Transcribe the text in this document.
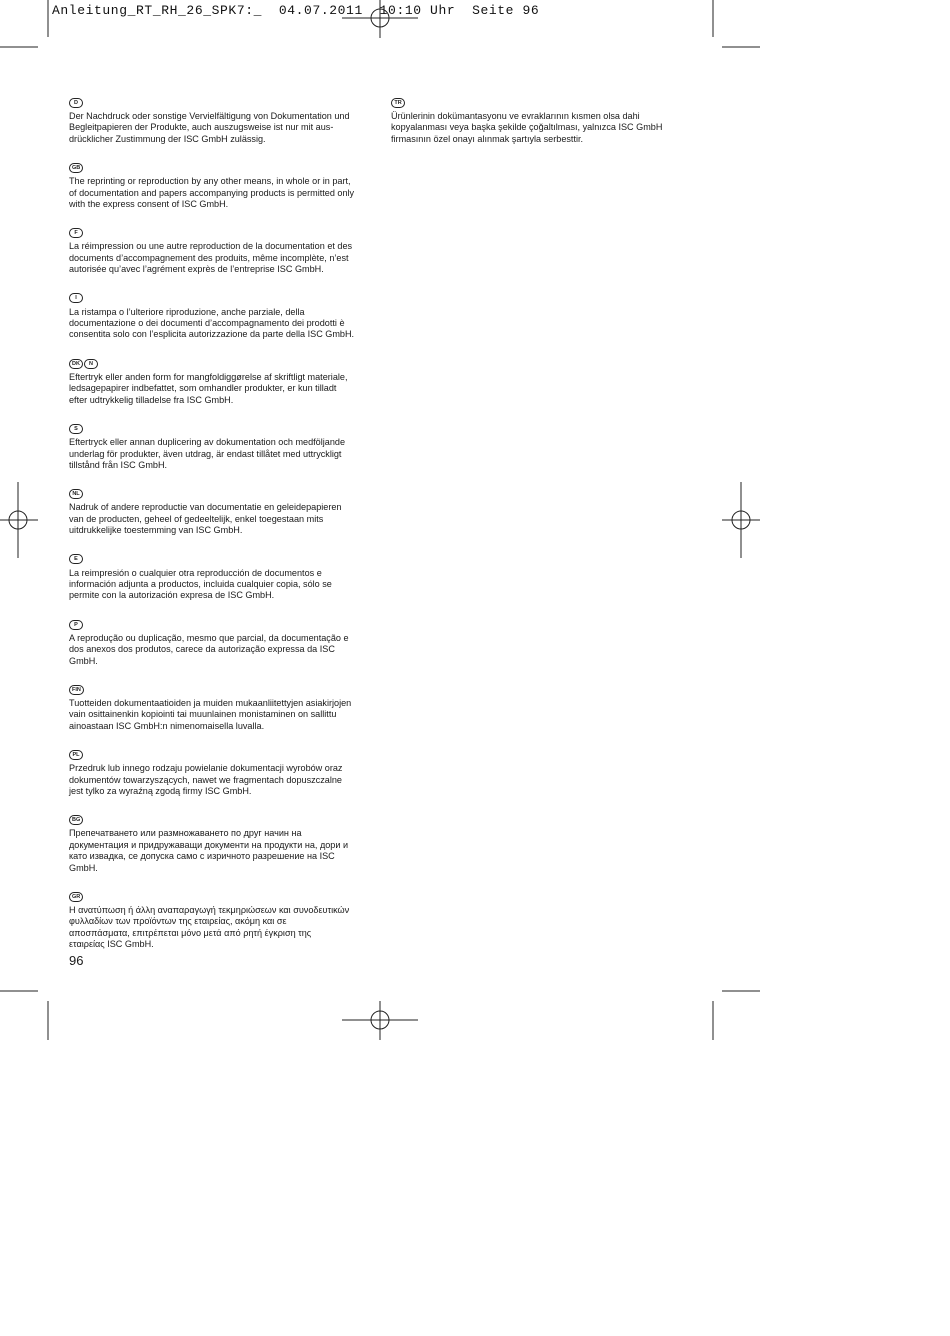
Anleitung_RT_RH_26_SPK7:_  04.07.2011  10:10 Uhr  Seite 96
D

Der Nachdruck oder sonstige Vervielfältigung von Dokumentation und
Begleitpapieren der Produkte, auch auszugsweise ist nur mit aus-
drücklicher Zustimmung der ISC GmbH zulässig.

GB

The reprinting or reproduction by any other means, in whole or in part,
of documentation and papers accompanying products is permitted only
with the express consent of ISC GmbH.

F

La réimpression ou une autre reproduction de la documentation et des
documents d’accompagnement des produits, même incomplète, n’est
autorisée qu’avec l’agrément exprès de l’entreprise ISC GmbH.

I

La ristampa o l’ulteriore riproduzione, anche parziale, della
documentazione o dei documenti d’accompagnamento dei prodotti è
consentita solo con l’esplicita autorizzazione da parte della ISC GmbH.

DK N

Eftertryk eller anden form for mangfoldiggørelse af skriftligt materiale,
ledsagepapirer indbefattet, som omhandler produkter, er kun tilladt
efter udtrykkelig tilladelse fra ISC GmbH.

S

Eftertryck eller annan duplicering av dokumentation och medföljande
underlag för produkter, även utdrag, är endast tillåtet med uttryckligt
tillstånd från ISC GmbH.

NL

Nadruk of andere reproductie van documentatie en geleidepapieren
van de producten, geheel of gedeeltelijk, enkel toegestaan mits
uitdrukkelijke toestemming van ISC GmbH.

E

La reimpresión o cualquier otra reproducción de documentos e
información adjunta a productos, incluida cualquier copia, sólo se
permite con la autorización expresa de ISC GmbH.

P

A reprodução ou duplicação, mesmo que parcial, da documentação e
dos anexos dos produtos, carece da autorização expressa da ISC
GmbH.

FIN

Tuotteiden dokumentaatioiden ja muiden mukaanliitettyjen asiakirjojen
vain osittainenkin kopiointi tai muunlainen monistaminen on sallittu
ainoastaan ISC GmbH:n nimenomaisella luvalla.

PL

Przedruk lub innego rodzaju powielanie dokumentacji wyrobów oraz
dokumentów towarzyszących, nawet we fragmentach dopuszczalne
jest tylko za wyraźną zgodą firmy ISC GmbH.

BG

Препечатването или размножаването по друг начин на
документация и придружаващи документи на продукти на, дори и
като извадка, се допуска само с изричното разрешение на ISC
GmbH.

GR

Η ανατύπωση ή άλλη αναπαραγωγή τεκμηριώσεων και συνοδευτικών
φυλλαδίων των προϊόντων της εταιρείας, ακόμη και σε
αποσπάσματα, επιτρέπεται μόνο μετά από ρητή έγκριση της
εταιρείας ISC GmbH.

TR

Ürünlerinin dokümantasyonu ve evraklarının kısmen olsa dahi
kopyalanması veya başka şekilde çoğaltılması, yalnızca ISC GmbH
firmasının özel onayı alınmak şartıyla serbesttir.

96
